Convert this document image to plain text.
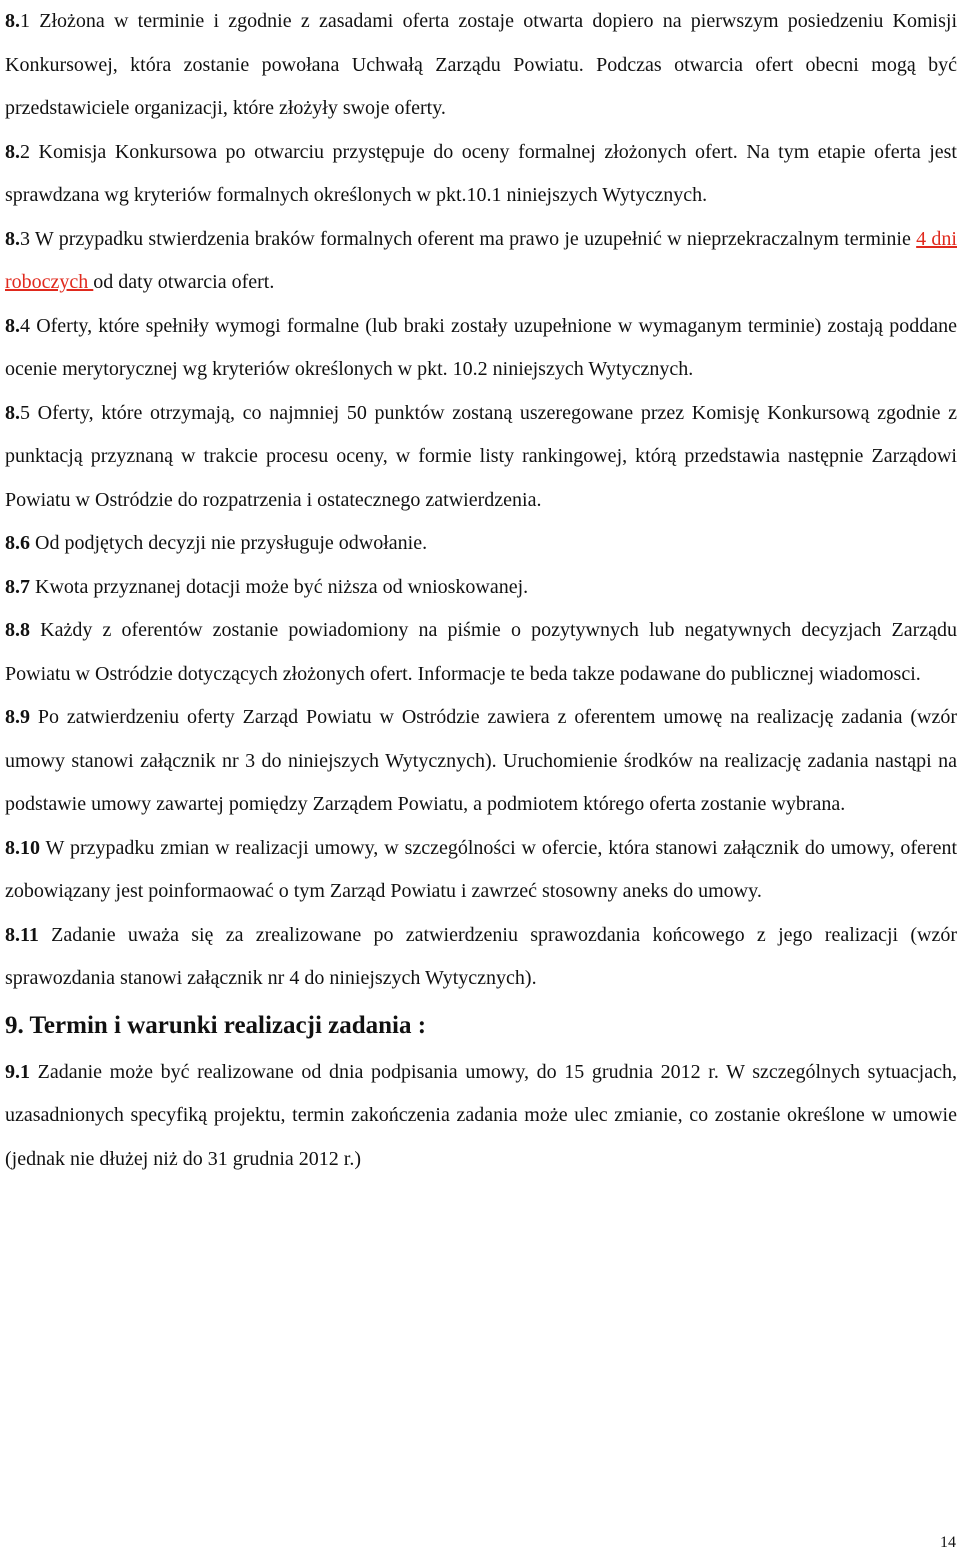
8.1 Złożona w terminie i zgodnie z zasadami oferta zostaje otwarta dopiero na pierwszym posiedzeniu Komisji Konkursowej, która zostanie powołana Uchwałą Zarządu Powiatu. Podczas otwarcia ofert obecni mogą być przedstawiciele organizacji, które złożyły swoje oferty.

8.2 Komisja Konkursowa po otwarciu przystępuje do oceny formalnej złożonych ofert. Na tym etapie oferta jest sprawdzana wg kryteriów formalnych określonych w pkt.10.1 niniejszych Wytycznych.

8.3 W przypadku stwierdzenia braków formalnych oferent ma prawo je uzupełnić w nieprzekraczalnym terminie 4 dni roboczych od daty otwarcia ofert.

8.4 Oferty, które spełniły wymogi formalne (lub braki zostały uzupełnione w wymaganym terminie) zostają poddane ocenie merytorycznej wg kryteriów określonych w pkt. 10.2 niniejszych Wytycznych.

8.5 Oferty, które otrzymają, co najmniej 50 punktów zostaną uszeregowane przez Komisję Konkursową zgodnie z punktacją przyznaną w trakcie procesu oceny, w formie listy rankingowej, którą przedstawia następnie Zarządowi Powiatu w Ostródzie do rozpatrzenia i ostatecznego zatwierdzenia.

8.6 Od podjętych decyzji nie przysługuje odwołanie.

8.7 Kwota przyznanej dotacji może być niższa od wnioskowanej.

8.8 Każdy z oferentów zostanie powiadomiony na piśmie o pozytywnych lub negatywnych decyzjach Zarządu Powiatu w Ostródzie dotyczących złożonych ofert. Informacje te beda takze podawane do publicznej wiadomosci.

8.9 Po zatwierdzeniu oferty Zarząd Powiatu w Ostródzie zawiera z oferentem umowę na realizację zadania (wzór umowy stanowi załącznik nr 3 do niniejszych Wytycznych). Uruchomienie środków na realizację zadania nastąpi na podstawie umowy zawartej pomiędzy Zarządem Powiatu, a podmiotem którego oferta zostanie wybrana.

8.10 W przypadku zmian w realizacji umowy, w szczególności w ofercie, która stanowi załącznik do umowy, oferent zobowiązany jest poinformaować o tym Zarząd Powiatu i zawrzeć stosowny aneks do umowy.

8.11 Zadanie uważa się za zrealizowane po zatwierdzeniu sprawozdania końcowego z jego realizacji (wzór sprawozdania stanowi załącznik nr 4 do niniejszych Wytycznych).

9. Termin i warunki realizacji zadania :

9.1 Zadanie może być realizowane od dnia podpisania umowy, do 15 grudnia 2012 r. W szczególnych sytuacjach, uzasadnionych specyfiką projektu, termin zakończenia zadania może ulec zmianie, co zostanie określone w umowie (jednak nie dłużej niż do 31 grudnia 2012 r.)

14
